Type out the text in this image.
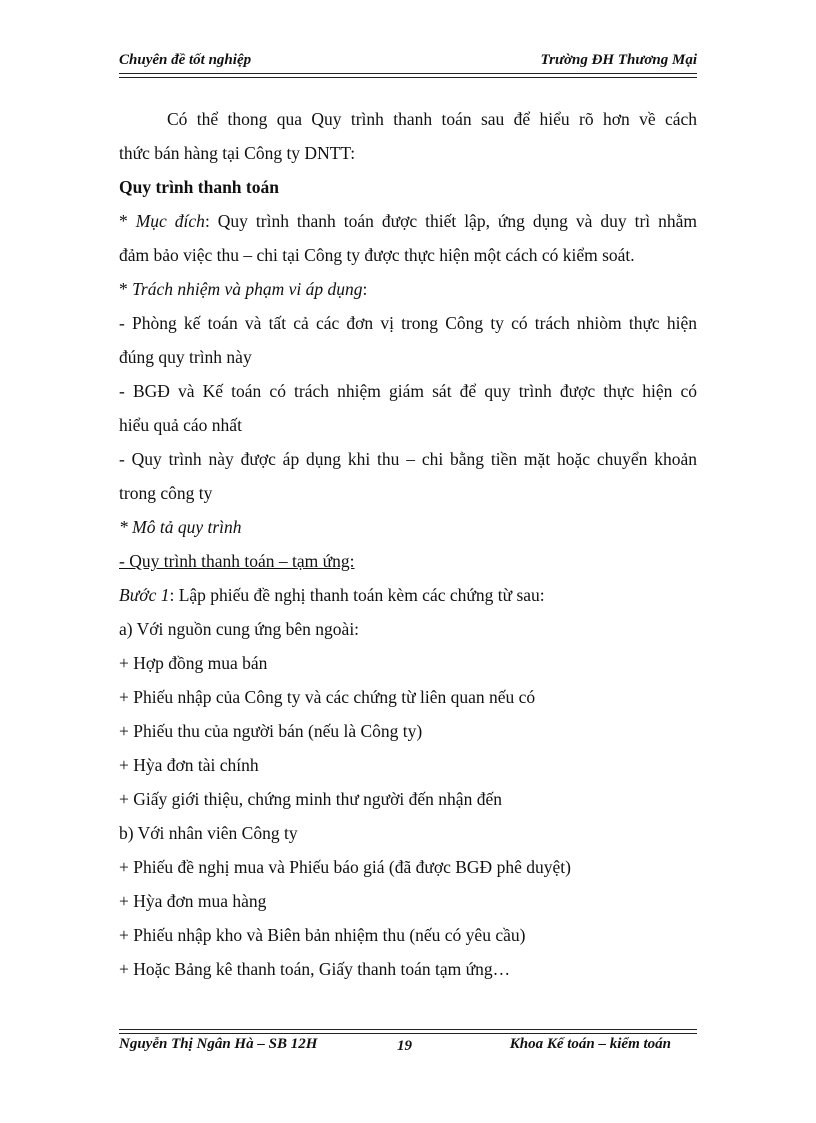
Chuyên đề tốt nghiệp	Trường ĐH Thương Mại
Có thể thong qua Quy trình thanh toán sau để hiểu rõ hơn về cách
thức bán hàng tại Công ty DNTT:
Quy trình thanh toán
* Mục đích: Quy trình thanh toán được thiết lập, ứng dụng và duy trì nhằm
đảm bảo việc thu – chi tại Công ty được thực hiện một cách có kiểm soát.
* Trách nhiệm và phạm vi áp dụng:
- Phòng kế toán và tất cả các đơn vị trong Công ty có trách nhiòm thực hiện
đúng quy trình này
- BGĐ và Kế toán có trách nhiệm giám sát để quy trình được thực hiện có
hiểu quả cáo nhất
- Quy trình này được áp dụng khi thu – chi bằng tiền mặt hoặc chuyển khoản
trong công ty
* Mô tả quy trình
- Quy trình thanh toán – tạm ứng:
Bước 1: Lập phiếu đề nghị thanh toán kèm các chứng từ sau:
a) Với nguồn cung ứng bên ngoài:
+ Hợp đồng mua bán
+ Phiếu nhập của Công ty và các chứng từ liên quan nếu có
+ Phiếu thu của người bán (nếu là Công ty)
+ Hỳa đơn tài chính
+ Giấy giới thiệu, chứng minh thư người đến nhận đến
b) Với nhân viên Công ty
+ Phiếu đề nghị mua và Phiếu báo giá (đã được BGĐ phê duyệt)
+ Hỳa đơn mua hàng
+ Phiếu nhập kho và Biên bản nhiệm thu (nếu có yêu cầu)
+ Hoặc Bảng kê thanh toán, Giấy thanh toán tạm ứng…
Nguyễn Thị Ngân Hà – SB 12H	19	Khoa Kế toán – kiểm toán
